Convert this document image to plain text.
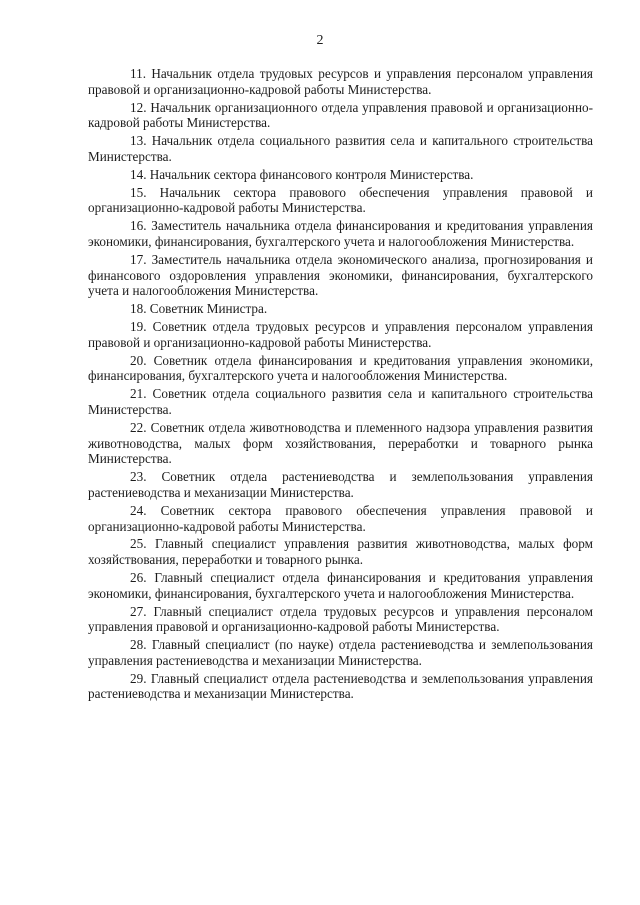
2

11. Начальник отдела трудовых ресурсов и управления персоналом управления правовой и организационно-кадровой работы Министерства.

12. Начальник организационного отдела управления правовой и организационно-кадровой работы Министерства.

13. Начальник отдела социального развития села и капитального строительства Министерства.

14. Начальник сектора финансового контроля Министерства.

15. Начальник сектора правового обеспечения управления правовой и организационно-кадровой работы Министерства.

16. Заместитель начальника отдела финансирования и кредитования управления экономики, финансирования, бухгалтерского учета и налогообложения Министерства.

17. Заместитель начальника отдела экономического анализа, прогнозирования и финансового оздоровления управления экономики, финансирования, бухгалтерского учета и налогообложения Министерства.

18. Советник Министра.

19. Советник отдела трудовых ресурсов и управления персоналом управления правовой и организационно-кадровой работы Министерства.

20. Советник отдела финансирования и кредитования управления экономики, финансирования, бухгалтерского учета и налогообложения Министерства.

21. Советник отдела социального развития села и капитального строительства Министерства.

22. Советник отдела животноводства и племенного надзора управления развития животноводства, малых форм хозяйствования, переработки и товарного рынка Министерства.

23. Советник отдела растениеводства и землепользования управления растениеводства и механизации Министерства.

24. Советник сектора правового обеспечения управления правовой и организационно-кадровой работы Министерства.

25. Главный специалист управления развития животноводства, малых форм хозяйствования, переработки и товарного рынка.

26. Главный специалист отдела финансирования и кредитования управления экономики, финансирования, бухгалтерского учета и налогообложения Министерства.

27. Главный специалист отдела трудовых ресурсов и управления персоналом управления правовой и организационно-кадровой работы Министерства.

28. Главный специалист (по науке) отдела растениеводства и землепользования управления растениеводства и механизации Министерства.

29. Главный специалист отдела растениеводства и землепользования управления растениеводства и механизации Министерства.
